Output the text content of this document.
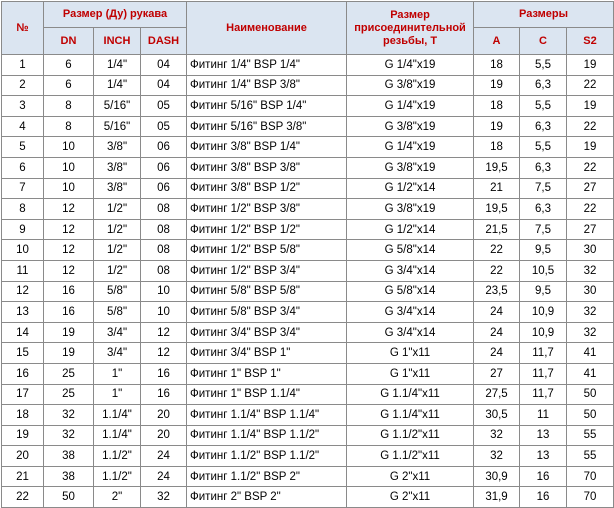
№	Размер (Ду) рукава			Наименование	Размер присоединительной резьбы, Т	Размеры		
	DN	INCH	DASH			A	C	S2
1	6	1/4"	04	Фитинг 1/4" BSP 1/4"	G 1/4"x19	18	5,5	19
2	6	1/4"	04	Фитинг 1/4" BSP 3/8"	G 3/8"x19	19	6,3	22
3	8	5/16"	05	Фитинг 5/16" BSP 1/4"	G 1/4"x19	18	5,5	19
4	8	5/16"	05	Фитинг 5/16" BSP 3/8"	G 3/8"x19	19	6,3	22
5	10	3/8"	06	Фитинг 3/8" BSP 1/4"	G 1/4"x19	18	5,5	19
6	10	3/8"	06	Фитинг 3/8" BSP 3/8"	G 3/8"x19	19,5	6,3	22
7	10	3/8"	06	Фитинг 3/8" BSP 1/2"	G 1/2"x14	21	7,5	27
8	12	1/2"	08	Фитинг 1/2" BSP 3/8"	G 3/8"x19	19,5	6,3	22
9	12	1/2"	08	Фитинг 1/2" BSP 1/2"	G 1/2"x14	21,5	7,5	27
10	12	1/2"	08	Фитинг 1/2" BSP 5/8"	G 5/8"x14	22	9,5	30
11	12	1/2"	08	Фитинг 1/2" BSP 3/4"	G 3/4"x14	22	10,5	32
12	16	5/8"	10	Фитинг 5/8" BSP 5/8"	G 5/8"x14	23,5	9,5	30
13	16	5/8"	10	Фитинг 5/8" BSP 3/4"	G 3/4"x14	24	10,9	32
14	19	3/4"	12	Фитинг 3/4" BSP 3/4"	G 3/4"x14	24	10,9	32
15	19	3/4"	12	Фитинг 3/4" BSP 1"	G 1"x11	24	11,7	41
16	25	1"	16	Фитинг 1" BSP 1"	G 1"x11	27	11,7	41
17	25	1"	16	Фитинг 1" BSP 1.1/4"	G 1.1/4"x11	27,5	11,7	50
18	32	1.1/4"	20	Фитинг 1.1/4" BSP 1.1/4"	G 1.1/4"x11	30,5	11	50
19	32	1.1/4"	20	Фитинг 1.1/4" BSP 1.1/2"	G 1.1/2"x11	32	13	55
20	38	1.1/2"	24	Фитинг 1.1/2" BSP 1.1/2"	G 1.1/2"x11	32	13	55
21	38	1.1/2"	24	Фитинг 1.1/2" BSP 2"	G 2"x11	30,9	16	70
22	50	2"	32	Фитинг 2" BSP 2"	G 2"x11	31,9	16	70
